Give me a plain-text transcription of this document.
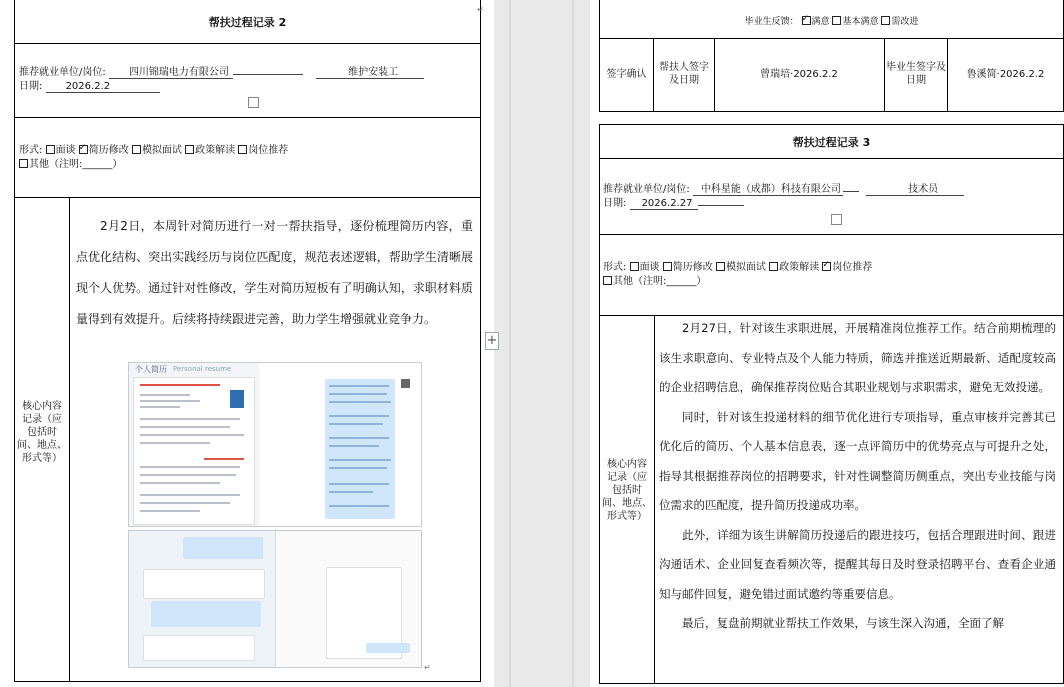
帮扶过程记录 2
推荐就业单位/岗位: 四川锦瑞电力有限公司	维护安装工
日期: 2026.2.2
形式: 面谈 ✓ 简历修改 模拟面试 政策解读 岗位推荐
其他（注明:______）
核心内容
记录（应
包括时
间、地点、
形式等）

2月2日，本周针对简历进行一对一帮扶指导，逐份梳理简历内容，重点优化结构、突出实践经历与岗位匹配度，规范表述逻辑，帮助学生清晰展现个人优势。通过针对性修改，学生对简历短板有了明确认知，求职材料质量得到有效提升。后续将持续跟进完善，助力学生增强就业竞争力。

个人简历 Personal resume
↵
↵
+
毕业生反馈： ✓ 满意 基本满意 需改进
签字确认
帮扶人签字及日期
曾瑞培·2026.2.2
毕业生签字及日期
鲁溪简·2026.2.2
帮扶过程记录 3
推荐就业单位/岗位: 中科星能（成都）科技有限公司	技术员
日期: 2026.2.27
形式: 面谈 简历修改 模拟面试 政策解读 ✓ 岗位推荐
其他（注明:______）
核心内容
记录（应
包括时
间、地点、
形式等）

2月27日，针对该生求职进展，开展精准岗位推荐工作。结合前期梳理的该生求职意向、专业特点及个人能力特质，筛选并推送近期最新、适配度较高的企业招聘信息，确保推荐岗位贴合其职业规划与求职需求，避免无效投递。

同时，针对该生投递材料的细节优化进行专项指导，重点审核并完善其已优化后的简历、个人基本信息表，逐一点评简历中的优势亮点与可提升之处，指导其根据推荐岗位的招聘要求，针对性调整简历侧重点，突出专业技能与岗位需求的匹配度，提升简历投递成功率。

此外，详细为该生讲解简历投递后的跟进技巧，包括合理跟进时间、跟进沟通话术、企业回复查看频次等，提醒其每日及时登录招聘平台、查看企业通知与邮件回复，避免错过面试邀约等重要信息。

最后，复盘前期就业帮扶工作效果，与该生深入沟通，全面了解
